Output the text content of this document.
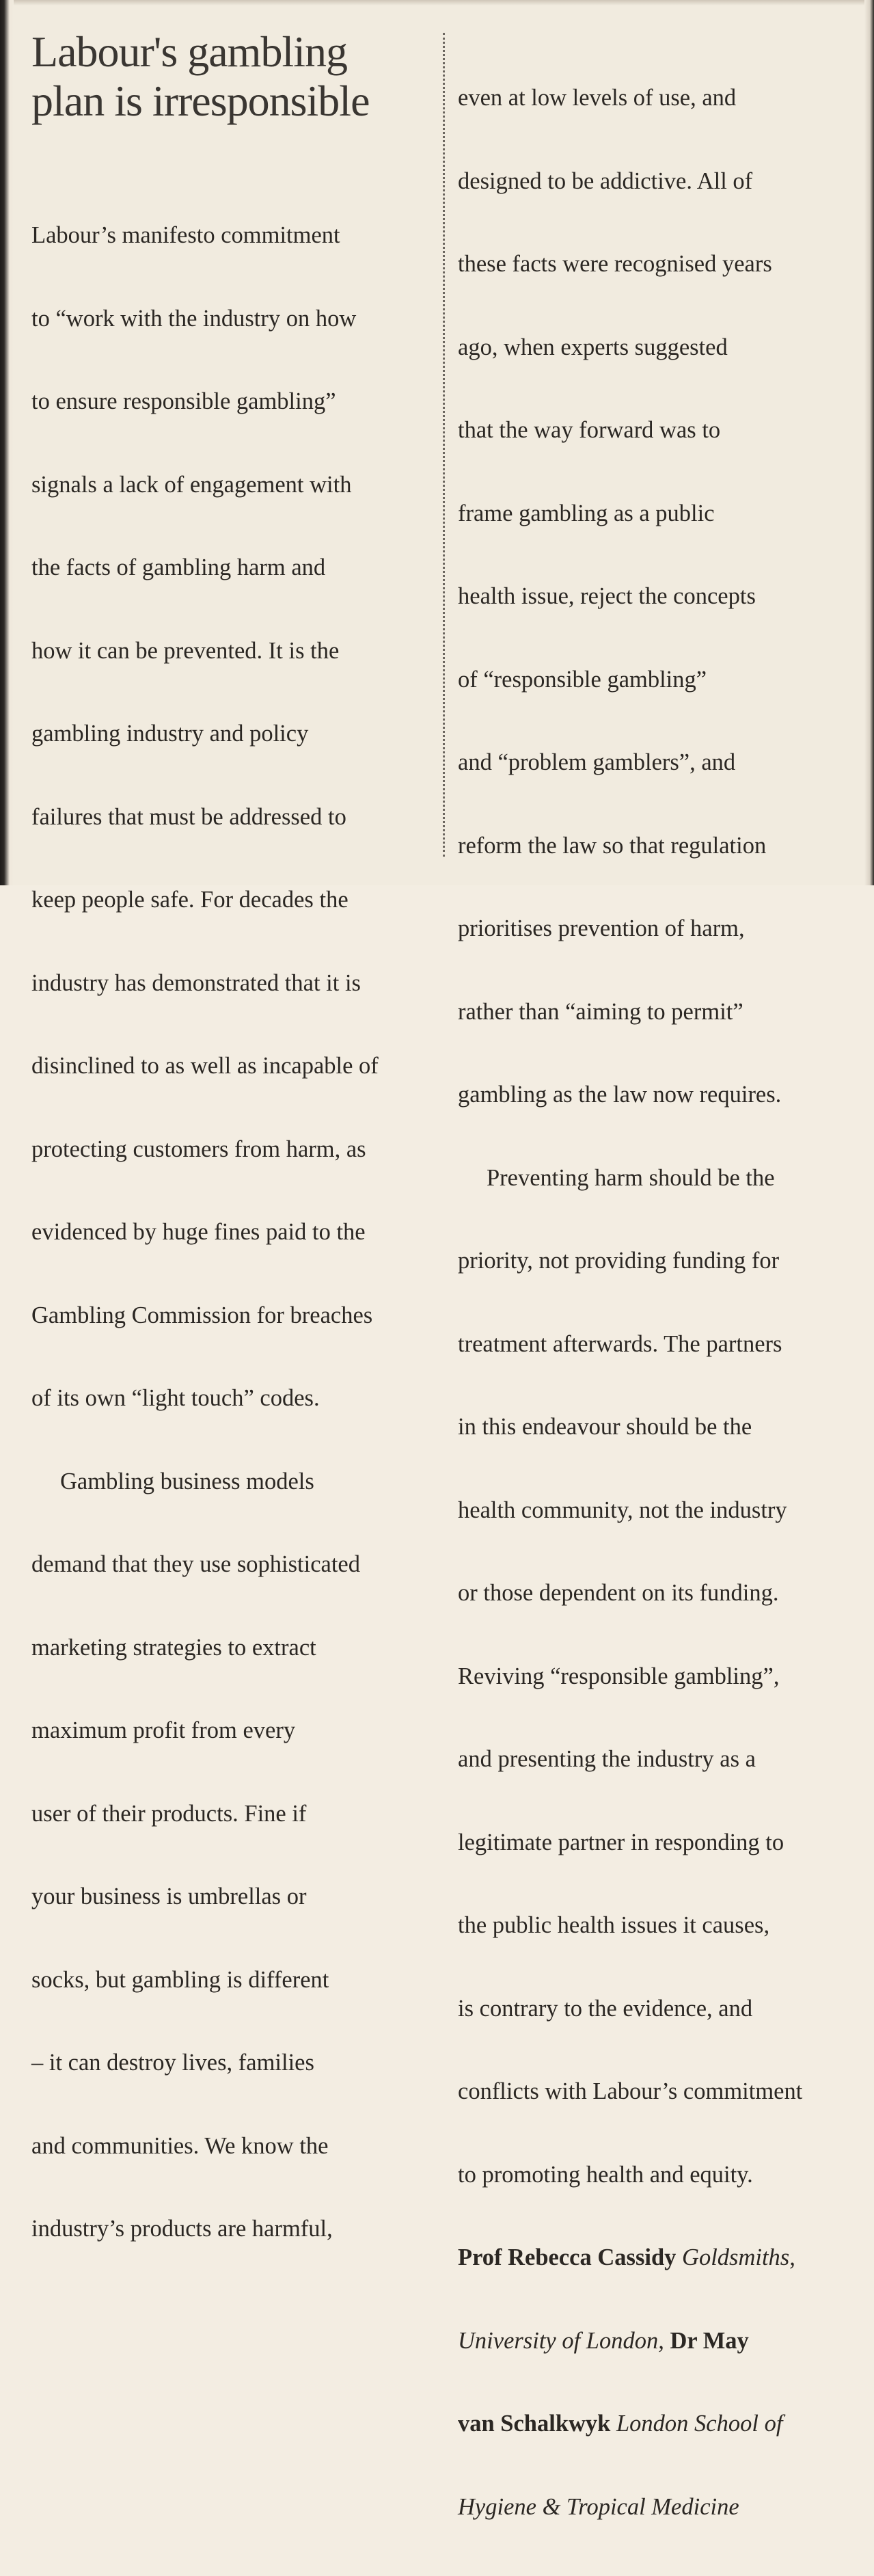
Labour's gambling
plan is irresponsible

Labour’s manifesto commitment

to “work with the industry on how

to ensure responsible gambling”

signals a lack of engagement with

the facts of gambling harm and

how it can be prevented. It is the

gambling industry and policy

failures that must be addressed to

keep people safe. For decades the

industry has demonstrated that it is

disinclined to as well as incapable of

protecting customers from harm, as

evidenced by huge fines paid to the

Gambling Commission for breaches

of its own “light touch” codes.

Gambling business models

demand that they use sophisticated

marketing strategies to extract

maximum profit from every

user of their products. Fine if

your business is umbrellas or

socks, but gambling is different

– it can destroy lives, families

and communities. We know the

industry’s products are harmful,

even at low levels of use, and

designed to be addictive. All of

these facts were recognised years

ago, when experts suggested

that the way forward was to

frame gambling as a public

health issue, reject the concepts

of “responsible gambling”

and “problem gamblers”, and

reform the law so that regulation

prioritises prevention of harm,

rather than “aiming to permit”

gambling as the law now requires.

Preventing harm should be the

priority, not providing funding for

treatment afterwards. The partners

in this endeavour should be the

health community, not the industry

or those dependent on its funding.

Reviving “responsible gambling”,

and presenting the industry as a

legitimate partner in responding to

the public health issues it causes,

is contrary to the evidence, and

conflicts with Labour’s commitment

to promoting health and equity.

Prof Rebecca Cassidy Goldsmiths,

University of London, Dr May

van Schalkwyk London School of

Hygiene & Tropical Medicine
